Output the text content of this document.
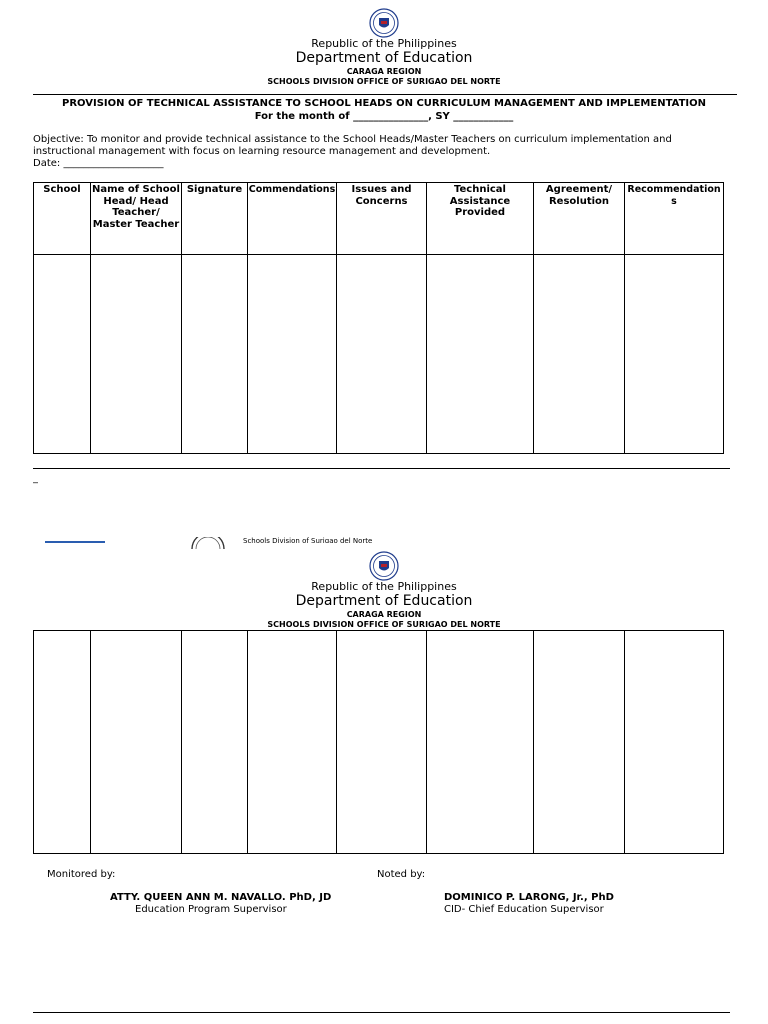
Republic of the Philippines
Department of Education
CARAGA REGION
SCHOOLS DIVISION OFFICE OF SURIGAO DEL NORTE
PROVISION OF TECHNICAL ASSISTANCE TO SCHOOL HEADS ON CURRICULUM MANAGEMENT AND IMPLEMENTATION
For the month of _______________, SY ____________
Objective: To monitor and provide technical assistance to the School Heads/Master Teachers on curriculum implementation and
instructional management with focus on learning resource management and development.
Date: ____________________
School	Name of School Head/ Head Teacher/ Master Teacher	Signature	Commendations	Issues and Concerns	Technical Assistance Provided	Agreement/ Resolution	Recommendations

_
Schools Division of Surigao del Norte
Republic of the Philippines
Department of Education
CARAGA REGION
SCHOOLS DIVISION OFFICE OF SURIGAO DEL NORTE

Monitored by:	Noted by:
ATTY. QUEEN ANN M. NAVALLO. PhD, JD
Education Program Supervisor
DOMINICO P. LARONG, Jr., PhD
CID- Chief Education Supervisor
